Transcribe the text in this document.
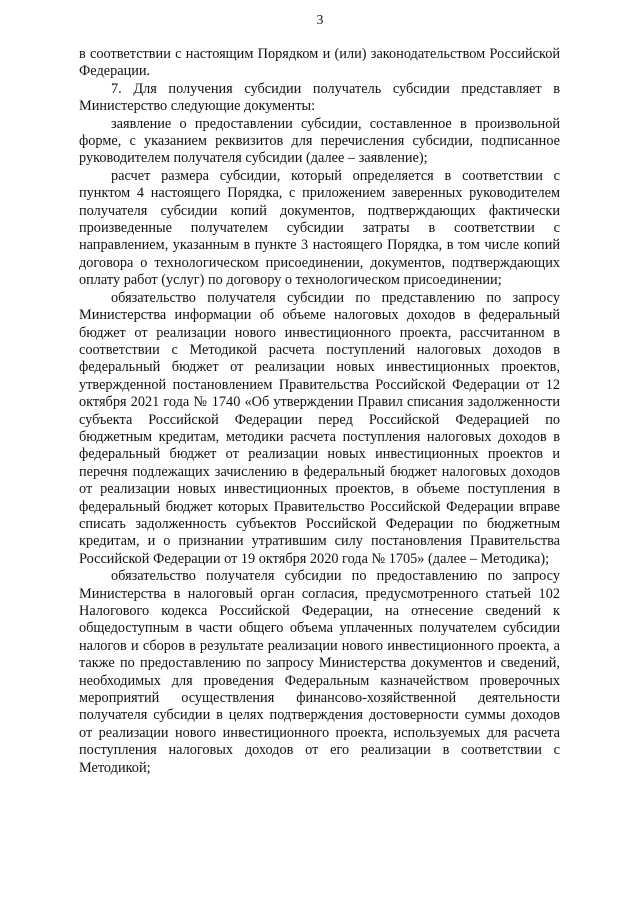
3

в соответствии с настоящим Порядком и (или) законодательством Российской Федерации.

7. Для получения субсидии получатель субсидии представляет в Министерство следующие документы:

заявление о предоставлении субсидии, составленное в произвольной форме, с указанием реквизитов для перечисления субсидии, подписанное руководителем получателя субсидии (далее – заявление);

расчет размера субсидии, который определяется в соответствии с пунктом 4 настоящего Порядка, с приложением заверенных руководителем получателя субсидии копий документов, подтверждающих фактически произведенные получателем субсидии затраты в соответствии с направлением, указанным в пункте 3 настоящего Порядка, в том числе копий договора о технологическом присоединении, документов, подтверждающих оплату работ (услуг) по договору о технологическом присоединении;

обязательство получателя субсидии по представлению по запросу Министерства информации об объеме налоговых доходов в федеральный бюджет от реализации нового инвестиционного проекта, рассчитанном в соответствии с Методикой расчета поступлений налоговых доходов в федеральный бюджет от реализации новых инвестиционных проектов, утвержденной постановлением Правительства Российской Федерации от 12 октября 2021 года № 1740 «Об утверждении Правил списания задолженности субъекта Российской Федерации перед Российской Федерацией по бюджетным кредитам, методики расчета поступления налоговых доходов в федеральный бюджет от реализации новых инвестиционных проектов и перечня подлежащих зачислению в федеральный бюджет налоговых доходов от реализации новых инвестиционных проектов, в объеме поступления в федеральный бюджет которых Правительство Российской Федерации вправе списать задолженность субъектов Российской Федерации по бюджетным кредитам, и о признании утратившим силу постановления Правительства Российской Федерации от 19 октября 2020 года № 1705» (далее – Методика);

обязательство получателя субсидии по предоставлению по запросу Министерства в налоговый орган согласия, предусмотренного статьей 102 Налогового кодекса Российской Федерации, на отнесение сведений к общедоступным в части общего объема уплаченных получателем субсидии налогов и сборов в результате реализации нового инвестиционного проекта, а также по предоставлению по запросу Министерства документов и сведений, необходимых для проведения Федеральным казначейством проверочных мероприятий осуществления финансово-хозяйственной деятельности получателя субсидии в целях подтверждения достоверности суммы доходов от реализации нового инвестиционного проекта, используемых для расчета поступления налоговых доходов от его реализации в соответствии с Методикой;
